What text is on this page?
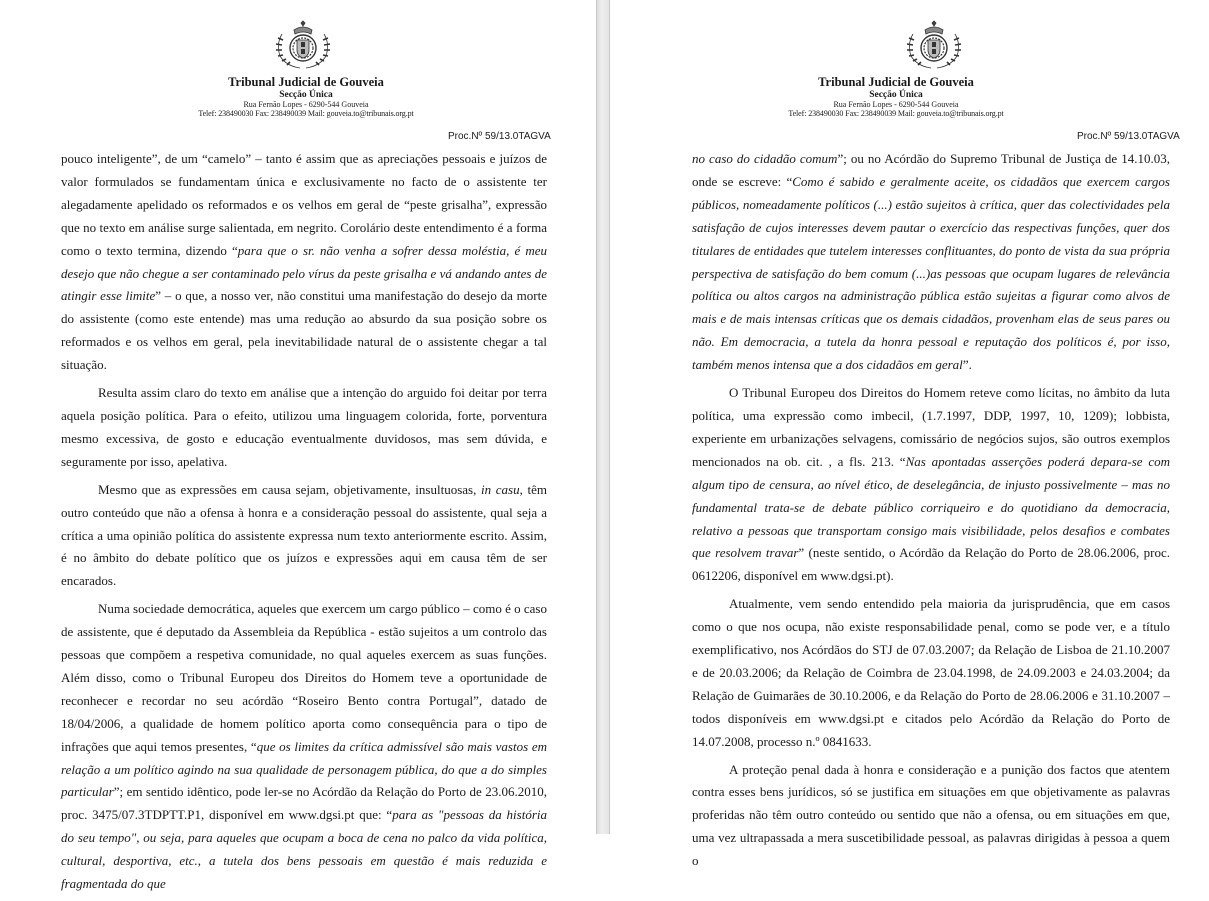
Tribunal Judicial de Gouveia
Secção Única
Rua Fernão Lopes - 6290-544 Gouveia
Telef: 238490030 Fax: 238490039 Mail: gouveia.to@tribunais.org.pt
Proc.Nº 59/13.0TAGVA

pouco inteligente”, de um “camelo” – tanto é assim que as apreciações pessoais e juízos de valor formulados se fundamentam única e exclusivamente no facto de o assistente ter alegadamente apelidado os reformados e os velhos em geral de “peste grisalha”, expressão que no texto em análise surge salientada, em negrito. Corolário deste entendimento é a forma como o texto termina, dizendo “para que o sr. não venha a sofrer dessa moléstia, é meu desejo que não chegue a ser contaminado pelo vírus da peste grisalha e vá andando antes de atingir esse limite” – o que, a nosso ver, não constitui uma manifestação do desejo da morte do assistente (como este entende) mas uma redução ao absurdo da sua posição sobre os reformados e os velhos em geral, pela inevitabilidade natural de o assistente chegar a tal situação.

Resulta assim claro do texto em análise que a intenção do arguido foi deitar por terra aquela posição política. Para o efeito, utilizou uma linguagem colorida, forte, porventura mesmo excessiva, de gosto e educação eventualmente duvidosos, mas sem dúvida, e seguramente por isso, apelativa.

Mesmo que as expressões em causa sejam, objetivamente, insultuosas, in casu, têm outro conteúdo que não a ofensa à honra e a consideração pessoal do assistente, qual seja a crítica a uma opinião política do assistente expressa num texto anteriormente escrito. Assim, é no âmbito do debate político que os juízos e expressões aqui em causa têm de ser encarados.

Numa sociedade democrática, aqueles que exercem um cargo público – como é o caso de assistente, que é deputado da Assembleia da República - estão sujeitos a um controlo das pessoas que compõem a respetiva comunidade, no qual aqueles exercem as suas funções. Além disso, como o Tribunal Europeu dos Direitos do Homem teve a oportunidade de reconhecer e recordar no seu acórdão “Roseiro Bento contra Portugal”, datado de 18/04/2006, a qualidade de homem político aporta como consequência para o tipo de infrações que aqui temos presentes, “que os limites da crítica admissível são mais vastos em relação a um político agindo na sua qualidade de personagem pública, do que a do simples particular”; em sentido idêntico, pode ler-se no Acórdão da Relação do Porto de 23.06.2010, proc. 3475/07.3TDPTT.P1, disponível em www.dgsi.pt que: “para as "pessoas da história do seu tempo", ou seja, para aqueles que ocupam a boca de cena no palco da vida política, cultural, desportiva, etc., a tutela dos bens pessoais em questão é mais reduzida e fragmentada do que

Tribunal Judicial de Gouveia
Secção Única
Rua Fernão Lopes - 6290-544 Gouveia
Telef: 238490030 Fax: 238490039 Mail: gouveia.to@tribunais.org.pt
Proc.Nº 59/13.0TAGVA

no caso do cidadão comum”; ou no Acórdão do Supremo Tribunal de Justiça de 14.10.03, onde se escreve: “Como é sabido e geralmente aceite, os cidadãos que exercem cargos públicos, nomeadamente políticos (...) estão sujeitos à crítica, quer das colectividades pela satisfação de cujos interesses devem pautar o exercício das respectivas funções, quer dos titulares de entidades que tutelem interesses conflituantes, do ponto de vista da sua própria perspectiva de satisfação do bem comum (...)as pessoas que ocupam lugares de relevância política ou altos cargos na administração pública estão sujeitas a figurar como alvos de mais e de mais intensas críticas que os demais cidadãos, provenham elas de seus pares ou não. Em democracia, a tutela da honra pessoal e reputação dos políticos é, por isso, também menos intensa que a dos cidadãos em geral”.

O Tribunal Europeu dos Direitos do Homem reteve como lícitas, no âmbito da luta política, uma expressão como imbecil, (1.7.1997, DDP, 1997, 10, 1209); lobbista, experiente em urbanizações selvagens, comissário de negócios sujos, são outros exemplos mencionados na ob. cit. , a fls. 213. “Nas apontadas asserções poderá depara-se com algum tipo de censura, ao nível ético, de deselegância, de injusto possivelmente – mas no fundamental trata-se de debate público corriqueiro e do quotidiano da democracia, relativo a pessoas que transportam consigo mais visibilidade, pelos desafios e combates que resolvem travar” (neste sentido, o Acórdão da Relação do Porto de 28.06.2006, proc. 0612206, disponível em www.dgsi.pt).

Atualmente, vem sendo entendido pela maioria da jurisprudência, que em casos como o que nos ocupa, não existe responsabilidade penal, como se pode ver, e a título exemplificativo, nos Acórdãos do STJ de 07.03.2007; da Relação de Lisboa de 21.10.2007 e de 20.03.2006; da Relação de Coimbra de 23.04.1998, de 24.09.2003 e 24.03.2004; da Relação de Guimarães de 30.10.2006, e da Relação do Porto de 28.06.2006 e 31.10.2007 – todos disponíveis em www.dgsi.pt e citados pelo Acórdão da Relação do Porto de 14.07.2008, processo n.º 0841633.

A proteção penal dada à honra e consideração e a punição dos factos que atentem contra esses bens jurídicos, só se justifica em situações em que objetivamente as palavras proferidas não têm outro conteúdo ou sentido que não a ofensa, ou em situações em que, uma vez ultrapassada a mera suscetibilidade pessoal, as palavras dirigidas à pessoa a quem o
